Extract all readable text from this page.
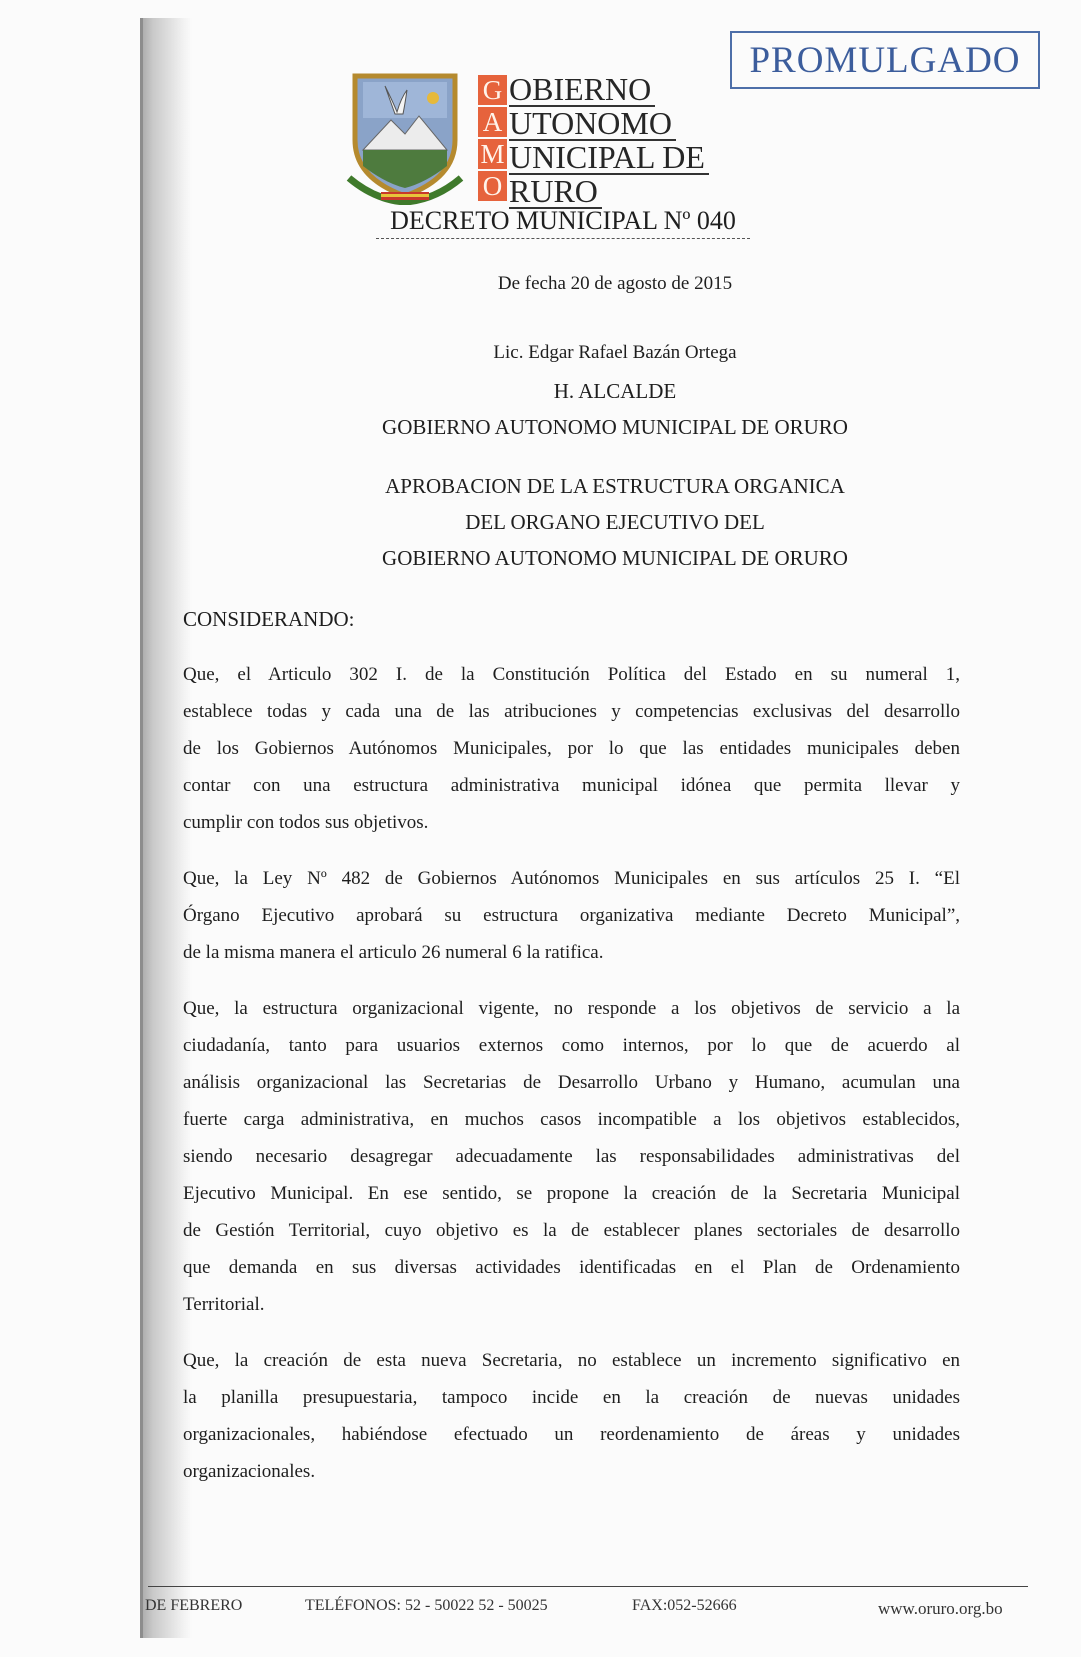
PROMULGADO
G
A
M
O
OBIERNO
UTONOMO
UNICIPAL DE
RURO
DECRETO MUNICIPAL Nº 040
De fecha 20 de agosto de 2015
Lic. Edgar Rafael Bazán Ortega
H. ALCALDE
GOBIERNO AUTONOMO MUNICIPAL DE ORURO
APROBACION DE LA ESTRUCTURA ORGANICA
DEL ORGANO EJECUTIVO DEL
GOBIERNO AUTONOMO MUNICIPAL DE ORURO
CONSIDERANDO:

Que, el Articulo 302 I. de la Constitución Política del Estado en su numeral 1,
establece todas y cada una de las atribuciones y competencias exclusivas del desarrollo
de los Gobiernos Autónomos Municipales, por lo que las entidades municipales deben
contar con una estructura administrativa municipal idónea que permita llevar y
cumplir con todos sus objetivos.

Que, la Ley Nº 482 de Gobiernos Autónomos Municipales en sus artículos 25 I. “El
Órgano Ejecutivo aprobará su estructura organizativa mediante Decreto Municipal”,
de la misma manera el articulo 26 numeral 6 la ratifica.

Que, la estructura organizacional vigente, no responde a los objetivos de servicio a la
ciudadanía, tanto para usuarios externos como internos, por lo que de acuerdo al
análisis organizacional las Secretarias de Desarrollo Urbano y Humano, acumulan una
fuerte carga administrativa, en muchos casos incompatible a los objetivos establecidos,
siendo necesario desagregar adecuadamente las responsabilidades administrativas del
Ejecutivo Municipal. En ese sentido, se propone la creación de la Secretaria Municipal
de Gestión Territorial, cuyo objetivo es la de establecer planes sectoriales de desarrollo
que demanda en sus diversas actividades identificadas en el Plan de Ordenamiento
Territorial.
Que, la creación de esta nueva Secretaria, no establece un incremento significativo en
la planilla presupuestaria, tampoco incide en la creación de nuevas unidades
organizacionales, habiéndose efectuado un reordenamiento de áreas y unidades
organizacionales.
DE FEBRERO	TELÉFONOS: 52 - 50022 52 - 50025	FAX:052-52666	www.oruro.org.bo
